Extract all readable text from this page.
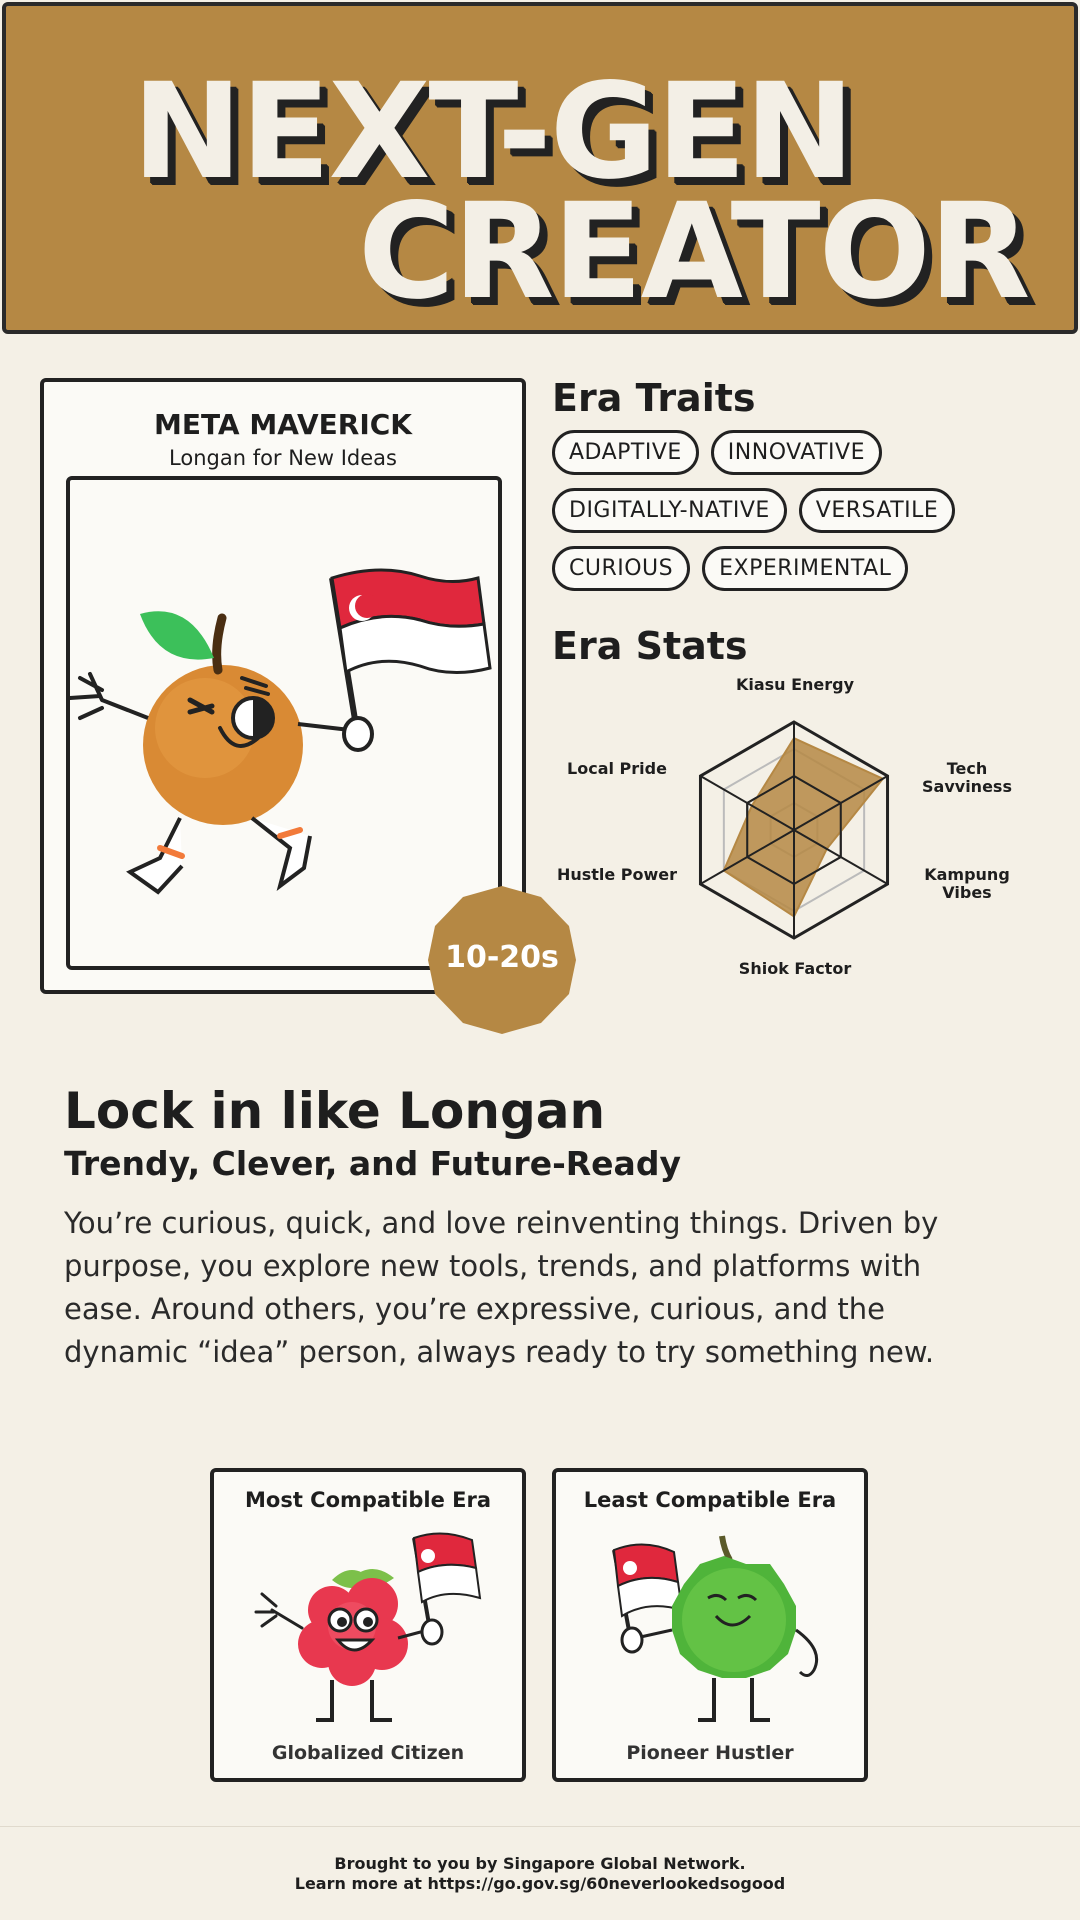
NEXT-GEN
CREATOR
META MAVERICK
Longan for New Ideas
10-20s
Era Traits
ADAPTIVE	INNOVATIVE
DIGITALLY-NATIVE	VERSATILE
CURIOUS	EXPERIMENTAL
Era Stats
Kiasu Energy
Tech Savviness
Kampung Vibes
Shiok Factor
Hustle Power
Local Pride
Lock in like Longan
Trendy, Clever, and Future-Ready
You’re curious, quick, and love reinventing things. Driven by purpose, you explore new tools, trends, and platforms with ease. Around others, you’re expressive, curious, and the dynamic “idea” person, always ready to try something new.
Most Compatible Era
Globalized Citizen
Least Compatible Era
Pioneer Hustler
Brought to you by Singapore Global Network.
Learn more at https://go.gov.sg/60neverlookedsogood
